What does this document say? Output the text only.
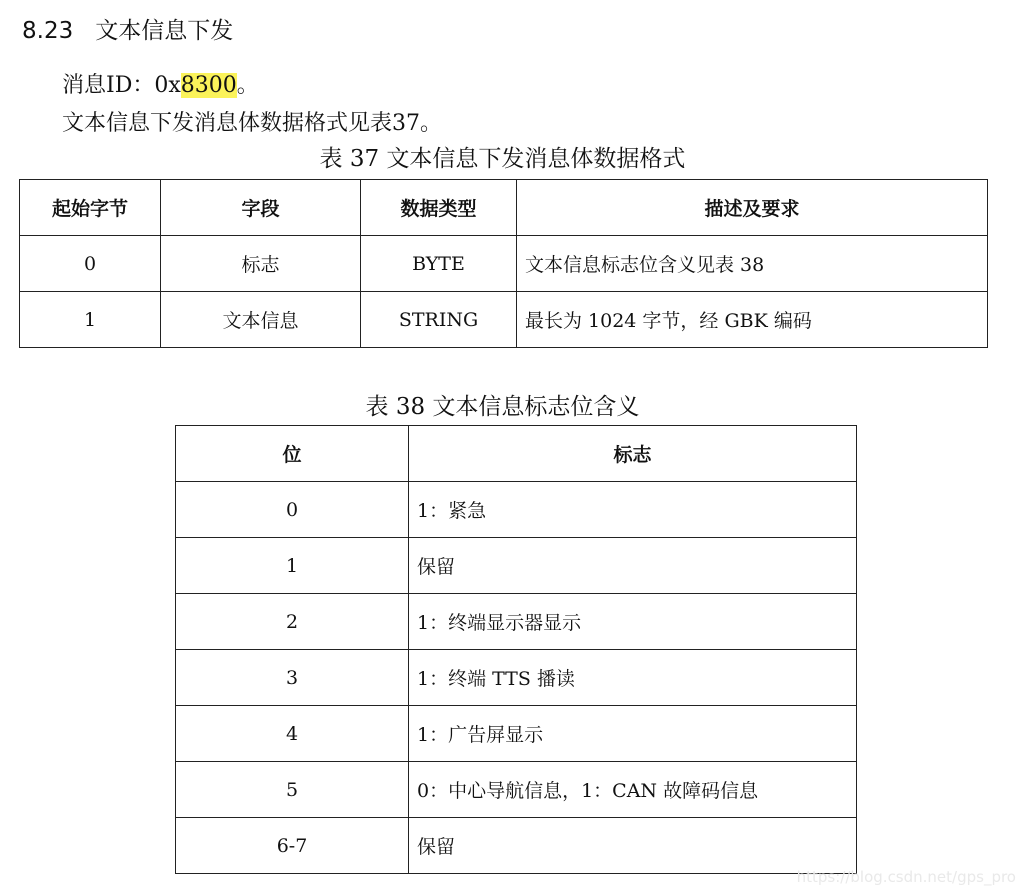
8.23 文本信息下发
消息ID：0x8300。
文本信息下发消息体数据格式见表37。
表 37 文本信息下发消息体数据格式
起始字节	字段	数据类型	描述及要求
0	标志	BYTE	文本信息标志位含义见表 38
1	文本信息	STRING	最长为 1024 字节，经 GBK 编码
表 38 文本信息标志位含义
位	标志
0	1：紧急
1	保留
2	1：终端显示器显示
3	1：终端 TTS 播读
4	1：广告屏显示
5	0：中心导航信息，1：CAN 故障码信息
6-7	保留
https://blog.csdn.net/gps_pro
